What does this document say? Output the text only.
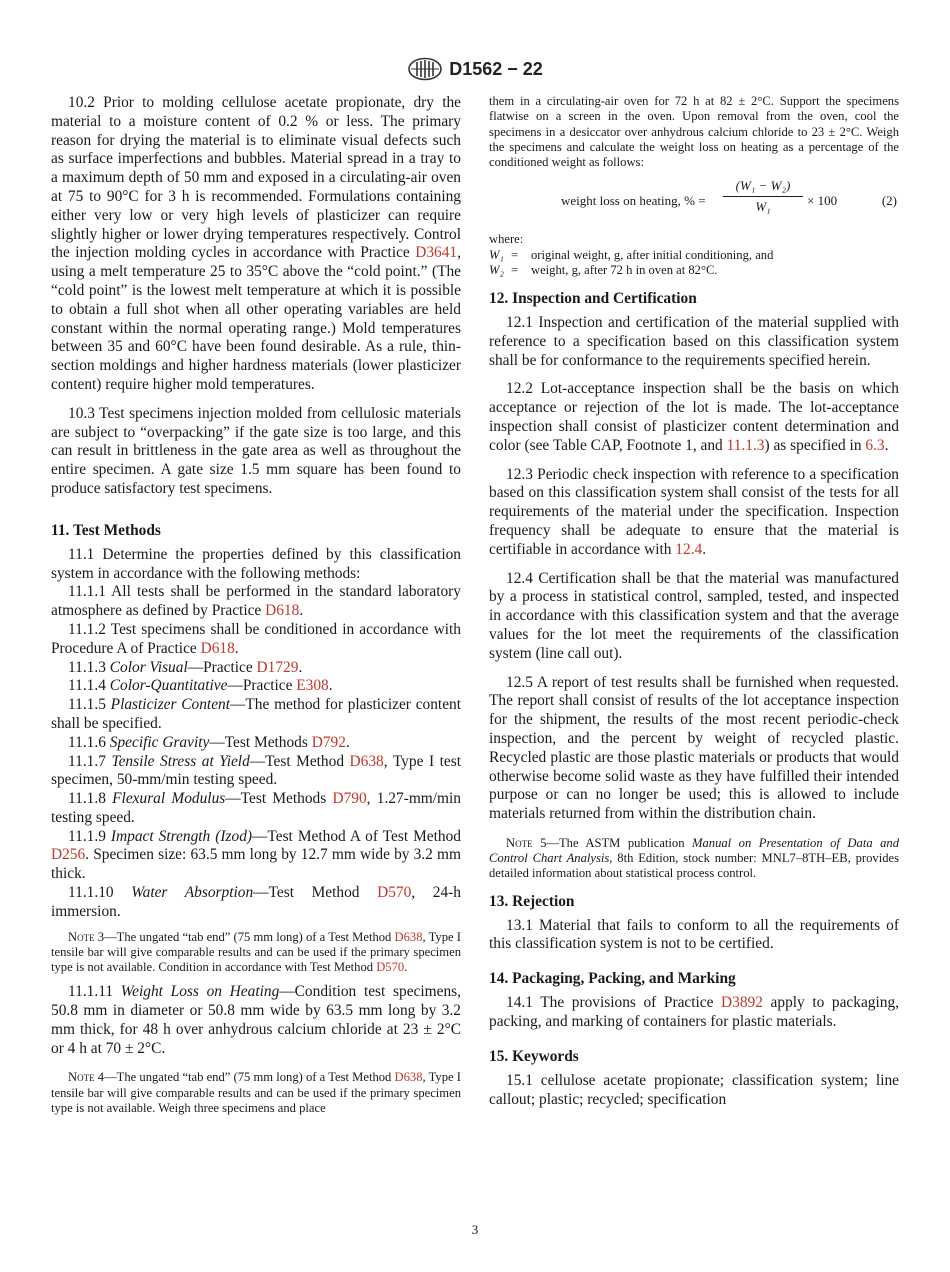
D1562 − 22

10.2 Prior to molding cellulose acetate propionate, dry the material to a moisture content of 0.2 % or less. The primary reason for drying the material is to eliminate visual defects such as surface imperfections and bubbles. Material spread in a tray to a maximum depth of 50 mm and exposed in a circulating-air oven at 75 to 90°C for 3 h is recommended. Formulations containing either very low or very high levels of plasticizer can require slightly higher or lower drying temperatures respectively. Control the injection molding cycles in accordance with Practice D3641, using a melt temperature 25 to 35°C above the “cold point.” (The “cold point” is the lowest melt temperature at which it is possible to obtain a full shot when all other operating variables are held constant within the normal operating range.) Mold temperatures between 35 and 60°C have been found desirable. As a rule, thin-section moldings and higher hardness materials (lower plasticizer content) require higher mold temperatures.

10.3 Test specimens injection molded from cellulosic materials are subject to “overpacking” if the gate size is too large, and this can result in brittleness in the gate area as well as throughout the entire specimen. A gate size 1.5 mm square has been found to produce satisfactory test specimens.

11. Test Methods

11.1 Determine the properties defined by this classification system in accordance with the following methods:

11.1.1 All tests shall be performed in the standard laboratory atmosphere as defined by Practice D618.

11.1.2 Test specimens shall be conditioned in accordance with Procedure A of Practice D618.

11.1.3 Color Visual—Practice D1729.

11.1.4 Color-Quantitative—Practice E308.

11.1.5 Plasticizer Content—The method for plasticizer content shall be specified.

11.1.6 Specific Gravity—Test Methods D792.

11.1.7 Tensile Stress at Yield—Test Method D638, Type I test specimen, 50-mm/min testing speed.

11.1.8 Flexural Modulus—Test Methods D790, 1.27-mm/min testing speed.

11.1.9 Impact Strength (Izod)—Test Method A of Test Method D256. Specimen size: 63.5 mm long by 12.7 mm wide by 3.2 mm thick.

11.1.10 Water Absorption—Test Method D570, 24-h immersion.

Note 3—The ungated “tab end” (75 mm long) of a Test Method D638, Type I tensile bar will give comparable results and can be used if the primary specimen type is not available. Condition in accordance with Test Method D570.

11.1.11 Weight Loss on Heating—Condition test specimens, 50.8 mm in diameter or 50.8 mm wide by 63.5 mm long by 3.2 mm thick, for 48 h over anhydrous calcium chloride at 23 ± 2°C or 4 h at 70 ± 2°C.

Note 4—The ungated “tab end” (75 mm long) of a Test Method D638, Type I tensile bar will give comparable results and can be used if the primary specimen type is not available. Weigh three specimens and place

them in a circulating-air oven for 72 h at 82 ± 2°C. Support the specimens flatwise on a screen in the oven. Upon removal from the oven, cool the specimens in a desiccator over anhydrous calcium chloride to 23 ± 2°C. Weigh the specimens and calculate the weight loss on heating as a percentage of the conditioned weight as follows:

weight loss on heating, % = $\frac{\text{(W₁ − W₂)}}{\text{W₁}} \times 100$	(2)
where:
W₁ =	original weight, g, after initial conditioning, and
W₂ =	weight, g, after 72 h in oven at 82°C.
12. Inspection and Certification

12.1 Inspection and certification of the material supplied with reference to a specification based on this classification system shall be for conformance to the requirements specified herein.

12.2 Lot-acceptance inspection shall be the basis on which acceptance or rejection of the lot is made. The lot-acceptance inspection shall consist of plasticizer content determination and color (see Table CAP, Footnote 1, and 11.1.3) as specified in 6.3.

12.3 Periodic check inspection with reference to a specification based on this classification system shall consist of the tests for all requirements of the material under the specification. Inspection frequency shall be adequate to ensure that the material is certifiable in accordance with 12.4.

12.4 Certification shall be that the material was manufactured by a process in statistical control, sampled, tested, and inspected in accordance with this classification system and that the average values for the lot meet the requirements of the classification system (line call out).

12.5 A report of test results shall be furnished when requested. The report shall consist of results of the lot acceptance inspection for the shipment, the results of the most recent periodic-check inspection, and the percent by weight of recycled plastic. Recycled plastic are those plastic materials or products that would otherwise become solid waste as they have fulfilled their intended purpose or can no longer be used; this is allowed to include materials returned from within the distribution chain.

Note 5—The ASTM publication Manual on Presentation of Data and Control Chart Analysis, 8th Edition, stock number: MNL7–8TH–EB, provides detailed information about statistical process control.

13. Rejection

13.1 Material that fails to conform to all the requirements of this classification system is not to be certified.

14. Packaging, Packing, and Marking

14.1 The provisions of Practice D3892 apply to packaging, packing, and marking of containers for plastic materials.

15. Keywords

15.1 cellulose acetate propionate; classification system; line callout; plastic; recycled; specification

3
